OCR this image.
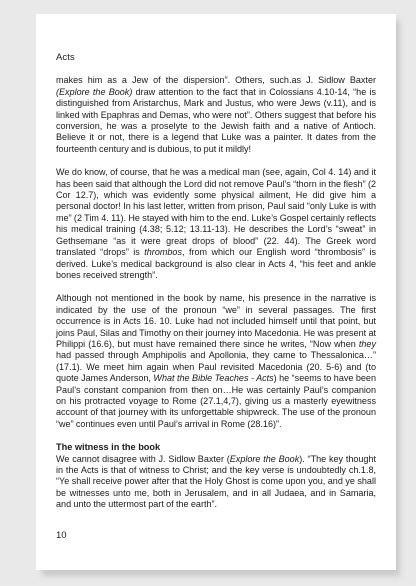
Acts

makes him as a Jew of the dispersion”. Others, such.as J. Sidlow Baxter (Explore the Book) draw attention to the fact that in Colossians 4.10-14, “he is distinguished from Aristarchus, Mark and Justus, who were Jews (v.11), and is linked with Epaphras and Demas, who were not”. Others suggest that before his conversion, he was a proselyte to the Jewish faith and a native of Antioch. Believe it or not, there is a legend that Luke was a painter. It dates from the fourteenth century and is dubious, to put it mildly!

We do know, of course, that he was a medical man (see, again, Col 4. 14) and it has been said that although the Lord did not remove Paul’s “thorn in the flesh” (2 Cor 12.7), which was evidently some physical ailment, He did give him a personal doctor! In his last letter, written from prison, Paul said “only Luke is with me” (2 Tim 4. 11). He stayed with him to the end. Luke’s Gospel certainly reflects his medical training (4.38; 5.12; 13.11-13). He describes the Lord’s “sweat” in Gethsemane “as it were great drops of blood” (22. 44). The Greek word translated “drops” is thrombos, from which our English word “thrombosis” is derived. Luke’s medical background is also clear in Acts 4, “his feet and ankle bones received strength”.

Although not mentioned in the book by name, his presence in the narrative is indicated by the use of the pronoun “we” in several passages. The first occurrence is in Acts 16. 10. Luke had not included himself until that point, but joins Paul, Silas and Timothy on their journey into Macedonia. He was present at Philippi (16.6), but must have remained there since he writes, “Now when they had passed through Amphipolis and Apollonia, they came to Thessalonica…” (17.1). We meet him again when Paul revisited Macedonia (20. 5-6) and (to quote James Anderson, What the Bible Teaches - Acts) he “seems to have been Paul’s constant companion from then on…He was certainly Paul’s companion on his protracted voyage to Rome (27.1,4,7), giving us a masterly eyewitness account of that journey with its unforgettable shipwreck. The use of the pronoun “we” continues even until Paul’s arrival in Rome (28.16)”.

The witness in the book

We cannot disagree with J. Sidlow Baxter (Explore the Book). “The key thought in the Acts is that of witness to Christ; and the key verse is undoubtedly ch.1.8, “Ye shall receive power after that the Holy Ghost is come upon you, and ye shall be witnesses unto me, both in Jerusalem, and in all Judaea, and in Samaria, and unto the uttermost part of the earth”.

10
